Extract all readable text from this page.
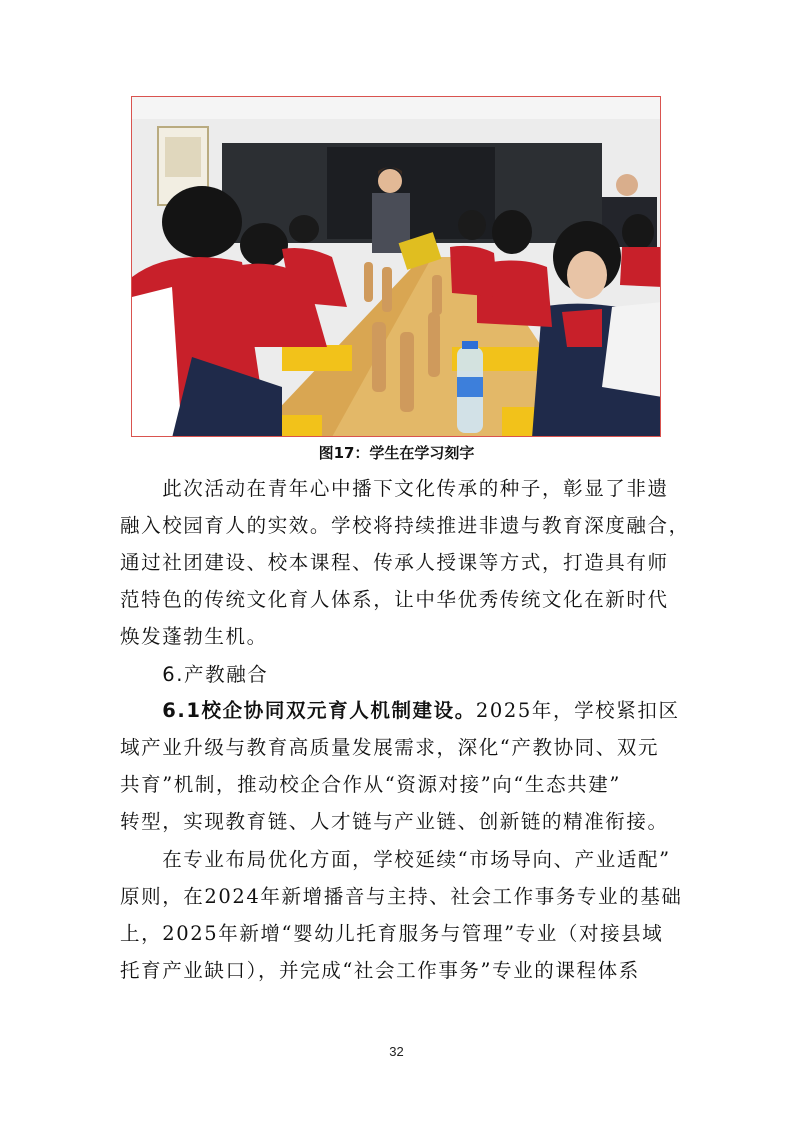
图17：学生在学习刻字
　　此次活动在青年心中播下文化传承的种子，彰显了非遗
融入校园育人的实效。学校将持续推进非遗与教育深度融合，
通过社团建设、校本课程、传承人授课等方式，打造具有师
范特色的传统文化育人体系，让中华优秀传统文化在新时代
焕发蓬勃生机。
　　6.产教融合
　　6.1校企协同双元育人机制建设。2025年，学校紧扣区
域产业升级与教育高质量发展需求，深化“产教协同、双元
共育”机制，推动校企合作从“资源对接”向“生态共建”
转型，实现教育链、人才链与产业链、创新链的精准衔接。
　　在专业布局优化方面，学校延续“市场导向、产业适配”
原则，在2024年新增播音与主持、社会工作事务专业的基础
上，2025年新增“婴幼儿托育服务与管理”专业（对接县域
托育产业缺口），并完成“社会工作事务”专业的课程体系
32
